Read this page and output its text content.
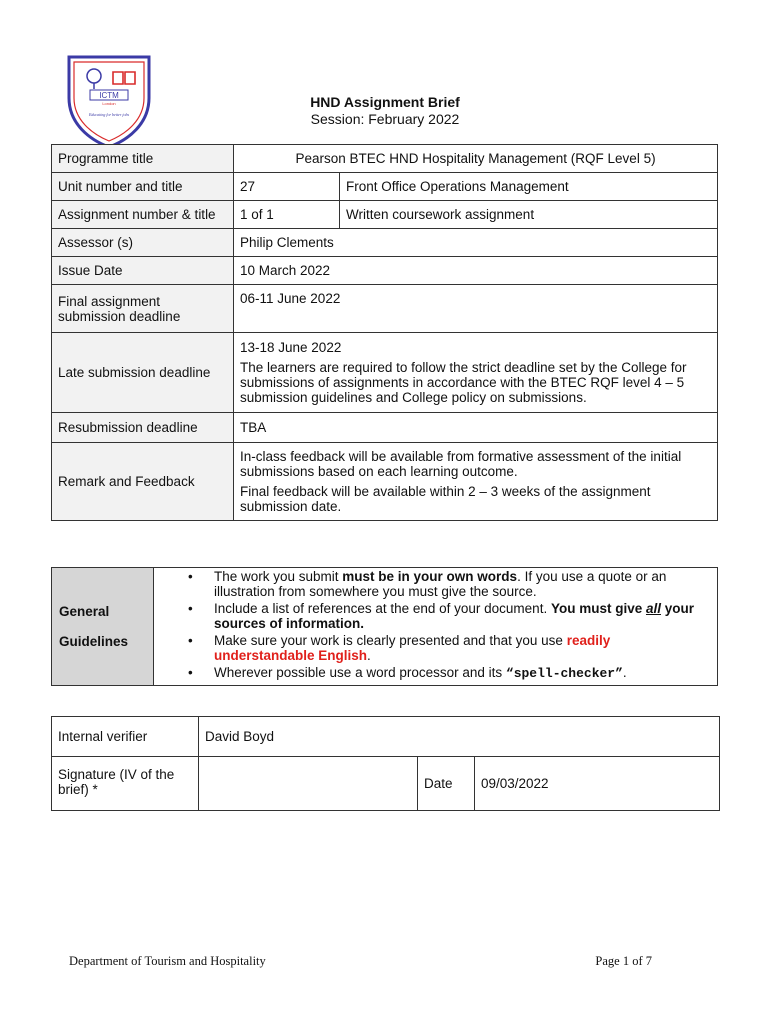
ICTM
London
Educating for better jobs
HND Assignment Brief
Session: February 2022
Programme title	Pearson BTEC HND Hospitality Management (RQF Level 5)	
Unit number and title	27	Front Office Operations Management
Assignment number & title	1 of 1	Written coursework assignment
Assessor (s)	Philip Clements	
Issue Date	10 March 2022	
Final assignment submission deadline	06-11 June 2022	
Late submission deadline	13-18 June 2022

The learners are required to follow the strict deadline set by the College for submissions of assignments in accordance with the BTEC RQF level 4 – 5 submission guidelines and College policy on submissions.	

Resubmission deadline	TBA	
Remark and Feedback	In-class feedback will be available from formative assessment of the initial submissions based on each learning outcome.

Final feedback will be available within 2 – 3 weeks of the assignment submission date.	

General
Guidelines

• The work you submit must be in your own words. If you use a quote or an illustration from somewhere you must give the source.
• Include a list of references at the end of your document. You must give all your sources of information.
• Make sure your work is clearly presented and that you use readily understandable English.
• Wherever possible use a word processor and its “spell-checker”.
Internal verifier	David Boyd		
Signature (IV of the brief) *		Date	09/03/2022
Department of Tourism and Hospitality	Page 1 of 7
